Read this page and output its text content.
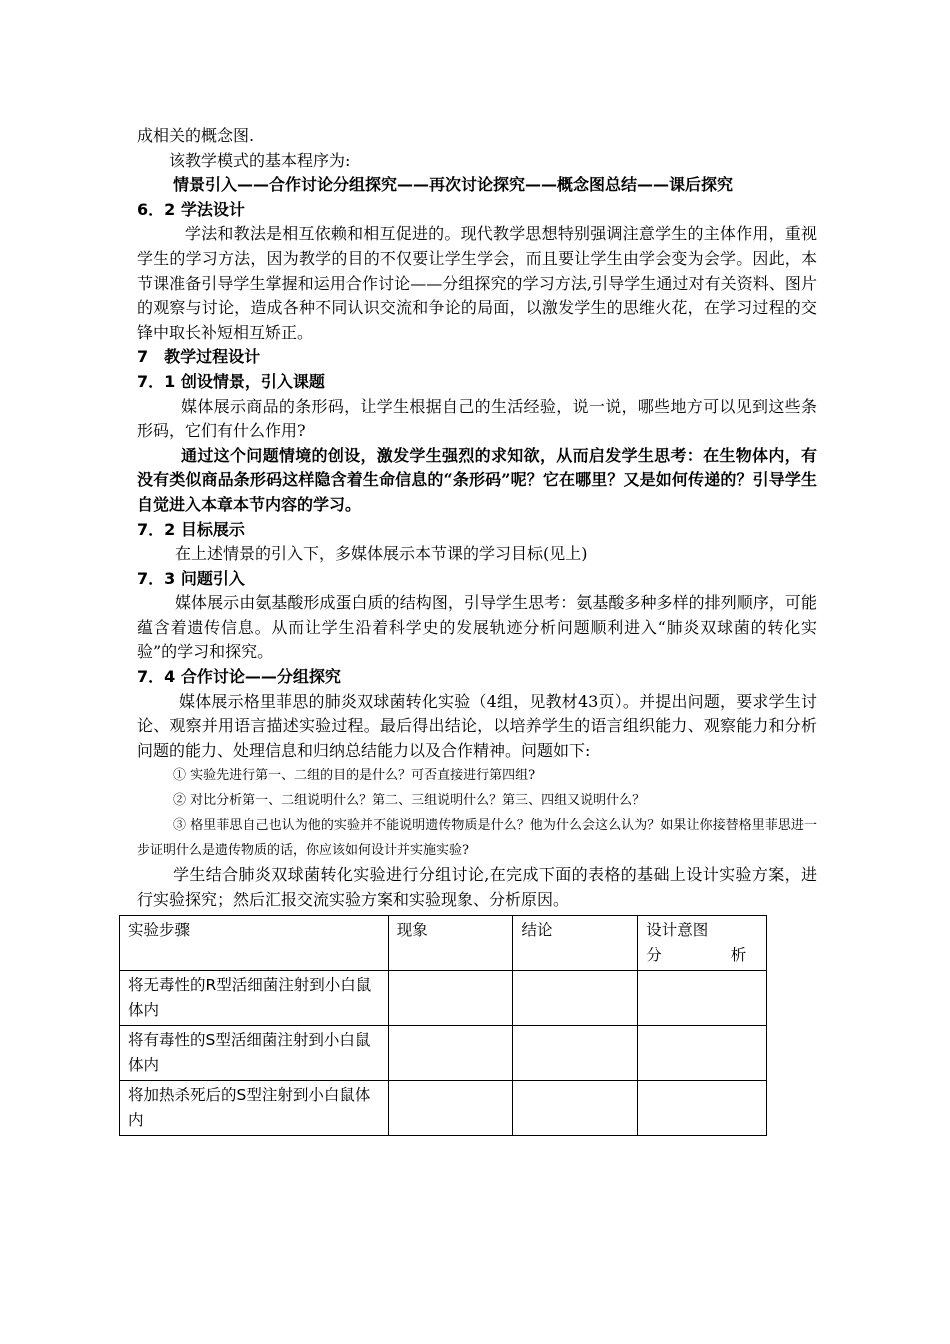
成相关的概念图.

该教学模式的基本程序为:

情景引入——合作讨论分组探究——再次讨论探究——概念图总结——课后探究

6．2 学法设计

学法和教法是相互依赖和相互促进的。现代教学思想特别强调注意学生的主体作用，重视学生的学习方法，因为教学的目的不仅要让学生学会，而且要让学生由学会变为会学。因此，本节课准备引导学生掌握和运用合作讨论——分组探究的学习方法,引导学生通过对有关资料、图片的观察与讨论，造成各种不同认识交流和争论的局面，以激发学生的思维火花，在学习过程的交锋中取长补短相互矫正。

7　教学过程设计

7．1 创设情景，引入课题

媒体展示商品的条形码，让学生根据自己的生活经验，说一说，哪些地方可以见到这些条形码，它们有什么作用?

通过这个问题情境的创设，激发学生强烈的求知欲，从而启发学生思考：在生物体内，有没有类似商品条形码这样隐含着生命信息的“条形码”呢？它在哪里？又是如何传递的？引导学生自觉进入本章本节内容的学习。

7．2 目标展示

在上述情景的引入下，多媒体展示本节课的学习目标(见上)

7．3 问题引入

媒体展示由氨基酸形成蛋白质的结构图，引导学生思考：氨基酸多种多样的排列顺序，可能蕴含着遗传信息。从而让学生沿着科学史的发展轨迹分析问题顺利进入“肺炎双球菌的转化实验”的学习和探究。

7．4 合作讨论——分组探究

媒体展示格里菲思的肺炎双球菌转化实验（4组，见教材43页）。并提出问题，要求学生讨论、观察并用语言描述实验过程。最后得出结论，以培养学生的语言组织能力、观察能力和分析问题的能力、处理信息和归纳总结能力以及合作精神。问题如下:

① 实验先进行第一、二组的目的是什么？可否直接进行第四组?

② 对比分析第一、二组说明什么？第二、三组说明什么？第三、四组又说明什么？

③ 格里菲思自己也认为他的实验并不能说明遗传物质是什么？他为什么会这么认为？如果让你接替格里菲思进一步证明什么是遗传物质的话，你应该如何设计并实施实验?

学生结合肺炎双球菌转化实验进行分组讨论,在完成下面的表格的基础上设计实验方案，进行实验探究；然后汇报交流实验方案和实验现象、分析原因。

实验步骤	现象	结论	设计意图
分 析

将无毒性的R型活细菌注射到小白鼠体内			
将有毒性的S型活细菌注射到小白鼠体内			
将加热杀死后的S型注射到小白鼠体内			
